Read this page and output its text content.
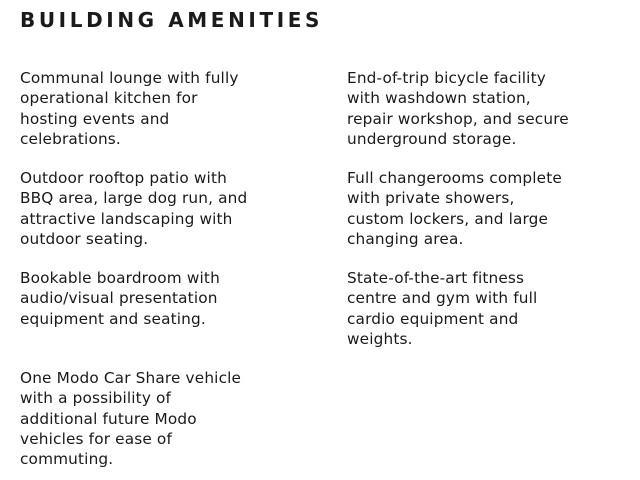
BUILDING AMENITIES

Communal lounge with fully
operational kitchen for
hosting events and
celebrations.

Outdoor rooftop patio with
BBQ area, large dog run, and
attractive landscaping with
outdoor seating.

Bookable boardroom with
audio/visual presentation
equipment and seating.

One Modo Car Share vehicle
with a possibility of
additional future Modo
vehicles for ease of
commuting.

End-of-trip bicycle facility
with washdown station,
repair workshop, and secure
underground storage.

Full changerooms complete
with private showers,
custom lockers, and large
changing area.

State-of-the-art fitness
centre and gym with full
cardio equipment and
weights.
